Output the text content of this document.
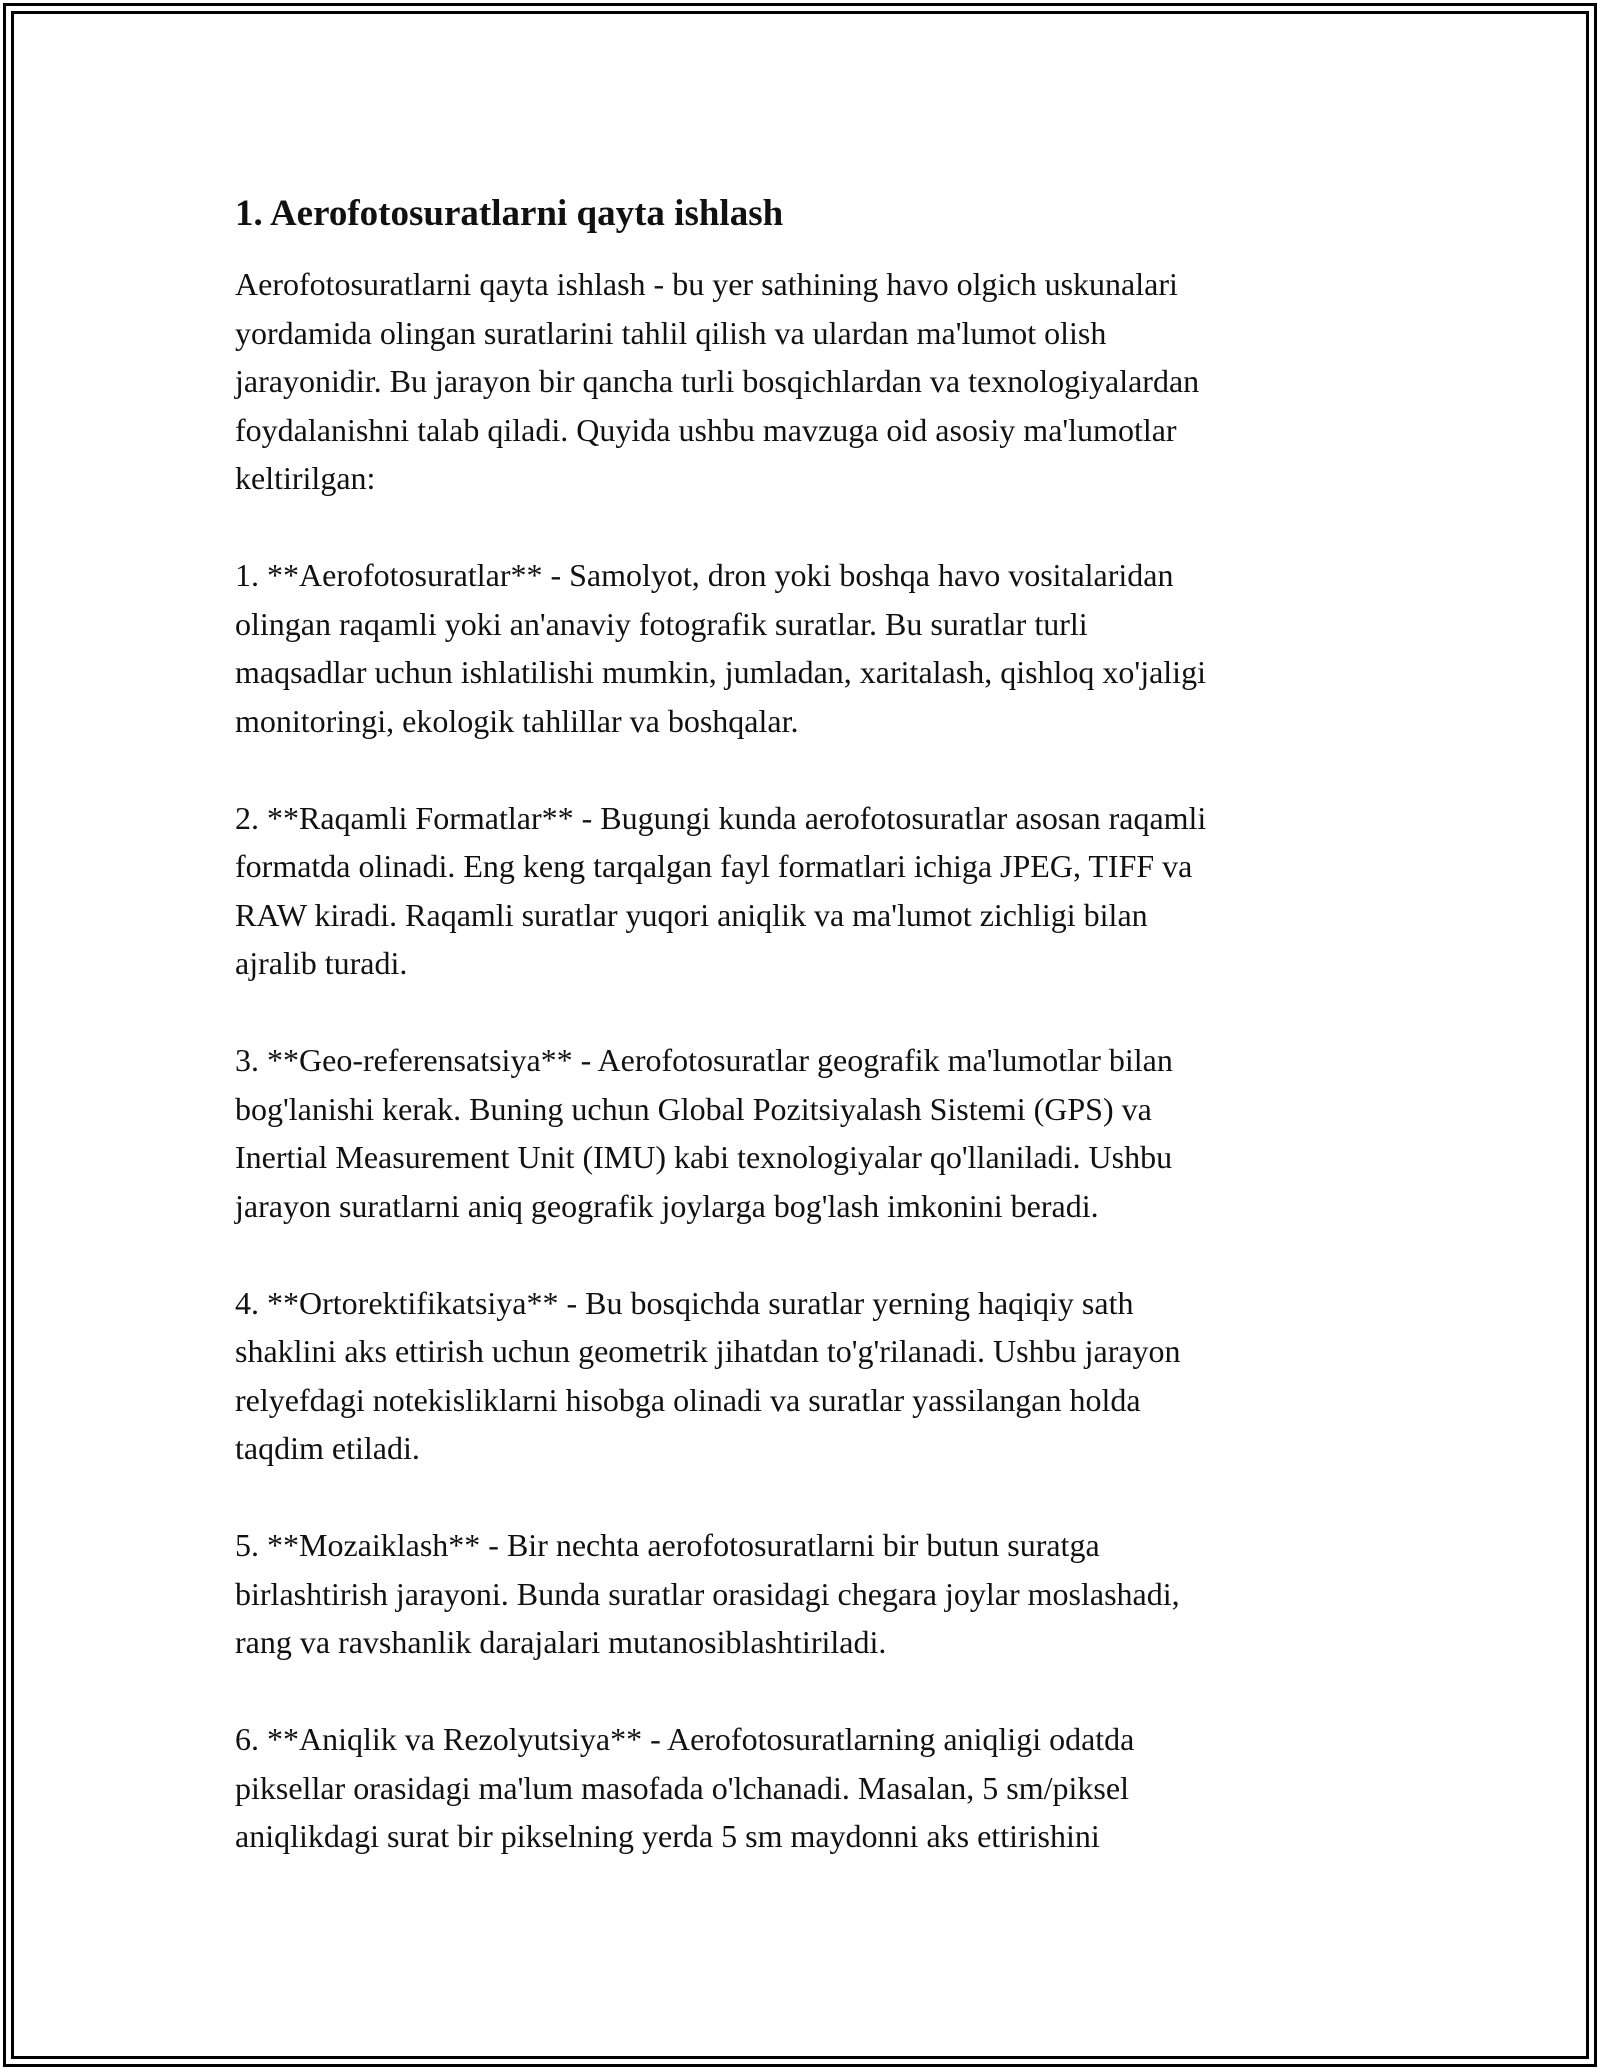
1. Aerofotosuratlarni qayta ishlash

Aerofotosuratlarni qayta ishlash - bu yer sathining havo olgich uskunalari
yordamida olingan suratlarini tahlil qilish va ulardan ma'lumot olish
jarayonidir. Bu jarayon bir qancha turli bosqichlardan va texnologiyalardan
foydalanishni talab qiladi. Quyida ushbu mavzuga oid asosiy ma'lumotlar
keltirilgan:

1. **Aerofotosuratlar** - Samolyot, dron yoki boshqa havo vositalaridan
olingan raqamli yoki an'anaviy fotografik suratlar. Bu suratlar turli
maqsadlar uchun ishlatilishi mumkin, jumladan, xaritalash, qishloq xo'jaligi
monitoringi, ekologik tahlillar va boshqalar.

2. **Raqamli Formatlar** - Bugungi kunda aerofotosuratlar asosan raqamli
formatda olinadi. Eng keng tarqalgan fayl formatlari ichiga JPEG, TIFF va
RAW kiradi. Raqamli suratlar yuqori aniqlik va ma'lumot zichligi bilan
ajralib turadi.

3. **Geo-referensatsiya** - Aerofotosuratlar geografik ma'lumotlar bilan
bog'lanishi kerak. Buning uchun Global Pozitsiyalash Sistemi (GPS) va
Inertial Measurement Unit (IMU) kabi texnologiyalar qo'llaniladi. Ushbu
jarayon suratlarni aniq geografik joylarga bog'lash imkonini beradi.

4. **Ortorektifikatsiya** - Bu bosqichda suratlar yerning haqiqiy sath
shaklini aks ettirish uchun geometrik jihatdan to'g'rilanadi. Ushbu jarayon
relyefdagi notekisliklarni hisobga olinadi va suratlar yassilangan holda
taqdim etiladi.

5. **Mozaiklash** - Bir nechta aerofotosuratlarni bir butun suratga
birlashtirish jarayoni. Bunda suratlar orasidagi chegara joylar moslashadi,
rang va ravshanlik darajalari mutanosiblashtiriladi.

6. **Aniqlik va Rezolyutsiya** - Aerofotosuratlarning aniqligi odatda
piksellar orasidagi ma'lum masofada o'lchanadi. Masalan, 5 sm/piksel
aniqlikdagi surat bir pikselning yerda 5 sm maydonni aks ettirishini
